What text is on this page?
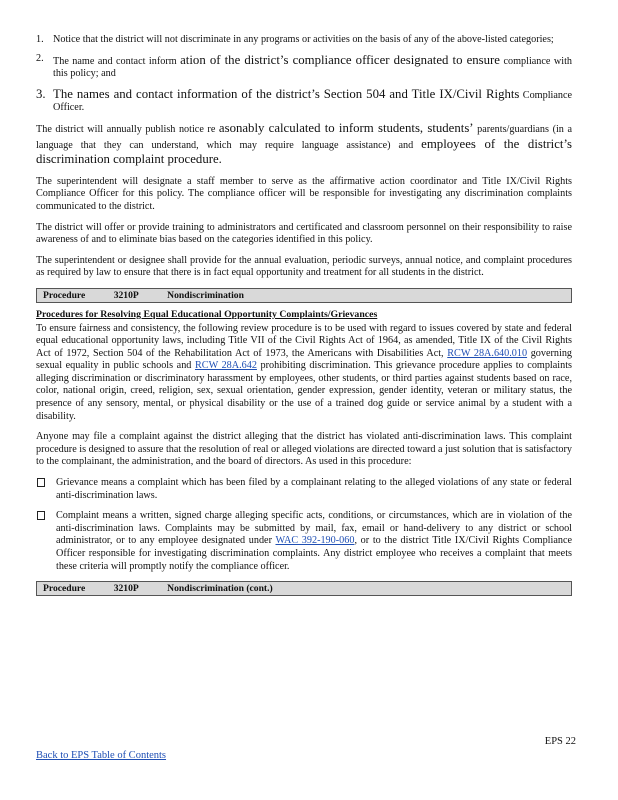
1. Notice that the district will not discriminate in any programs or activities on the basis of any of the above-listed categories;
2. The name and contact inform ation of the district’s compliance officer designated to ensure compliance with this policy; and
3. The names and contact information of the district’s Section 504 and Title IX/Civil Rights Compliance Officer.

The district will annually publish notice re asonably calculated to inform students, students’ parents/guardians (in a language that they can understand, which may require language assistance) and employees of the district’s discrimination complaint procedure.

The superintendent will designate a staff member to serve as the affirmative action coordinator and Title IX/Civil Rights Compliance Officer for this policy. The compliance officer will be responsible for investigating any discrimination complaints communicated to the district.

The district will offer or provide training to administrators and certificated and classroom personnel on their responsibility to raise awareness of and to eliminate bias based on the categories identified in this policy.

The superintendent or designee shall provide for the annual evaluation, periodic surveys, annual notice, and complaint procedures as required by law to ensure that there is in fact equal opportunity and treatment for all students in the district.

Procedure	3210P	Nondiscrimination
Procedures for Resolving Equal Educational Opportunity Complaints/Grievances

To ensure fairness and consistency, the following review procedure is to be used with regard to issues covered by state and federal equal educational opportunity laws, including Title VII of the Civil Rights Act of 1964, as amended, Title IX of the Civil Rights Act of 1972, Section 504 of the Rehabilitation Act of 1973, the Americans with Disabilities Act, RCW 28A.640.010 governing sexual equality in public schools and RCW 28A.642 prohibiting discrimination. This grievance procedure applies to complaints alleging discrimination or discriminatory harassment by employees, other students, or third parties against students based on race, color, national origin, creed, religion, sex, sexual orientation, gender expression, gender identity, veteran or military status, the presence of any sensory, mental, or physical disability or the use of a trained dog guide or service animal by a student with a disability.

Anyone may file a complaint against the district alleging that the district has violated anti-discrimination laws. This complaint procedure is designed to assure that the resolution of real or alleged violations are directed toward a just solution that is satisfactory to the complainant, the administration, and the board of directors. As used in this procedure:

Grievance means a complaint which has been filed by a complainant relating to the alleged violations of any state or federal anti-discrimination laws.
Complaint means a written, signed charge alleging specific acts, conditions, or circumstances, which are in violation of the anti-discrimination laws. Complaints may be submitted by mail, fax, email or hand-delivery to any district or school administrator, or to any employee designated under WAC 392-190-060, or to the district Title IX/Civil Rights Compliance Officer responsible for investigating discrimination complaints. Any district employee who receives a complaint that meets these criteria will promptly notify the compliance officer.
Procedure	3210P	Nondiscrimination (cont.)
EPS 22
Back to EPS Table of Contents
